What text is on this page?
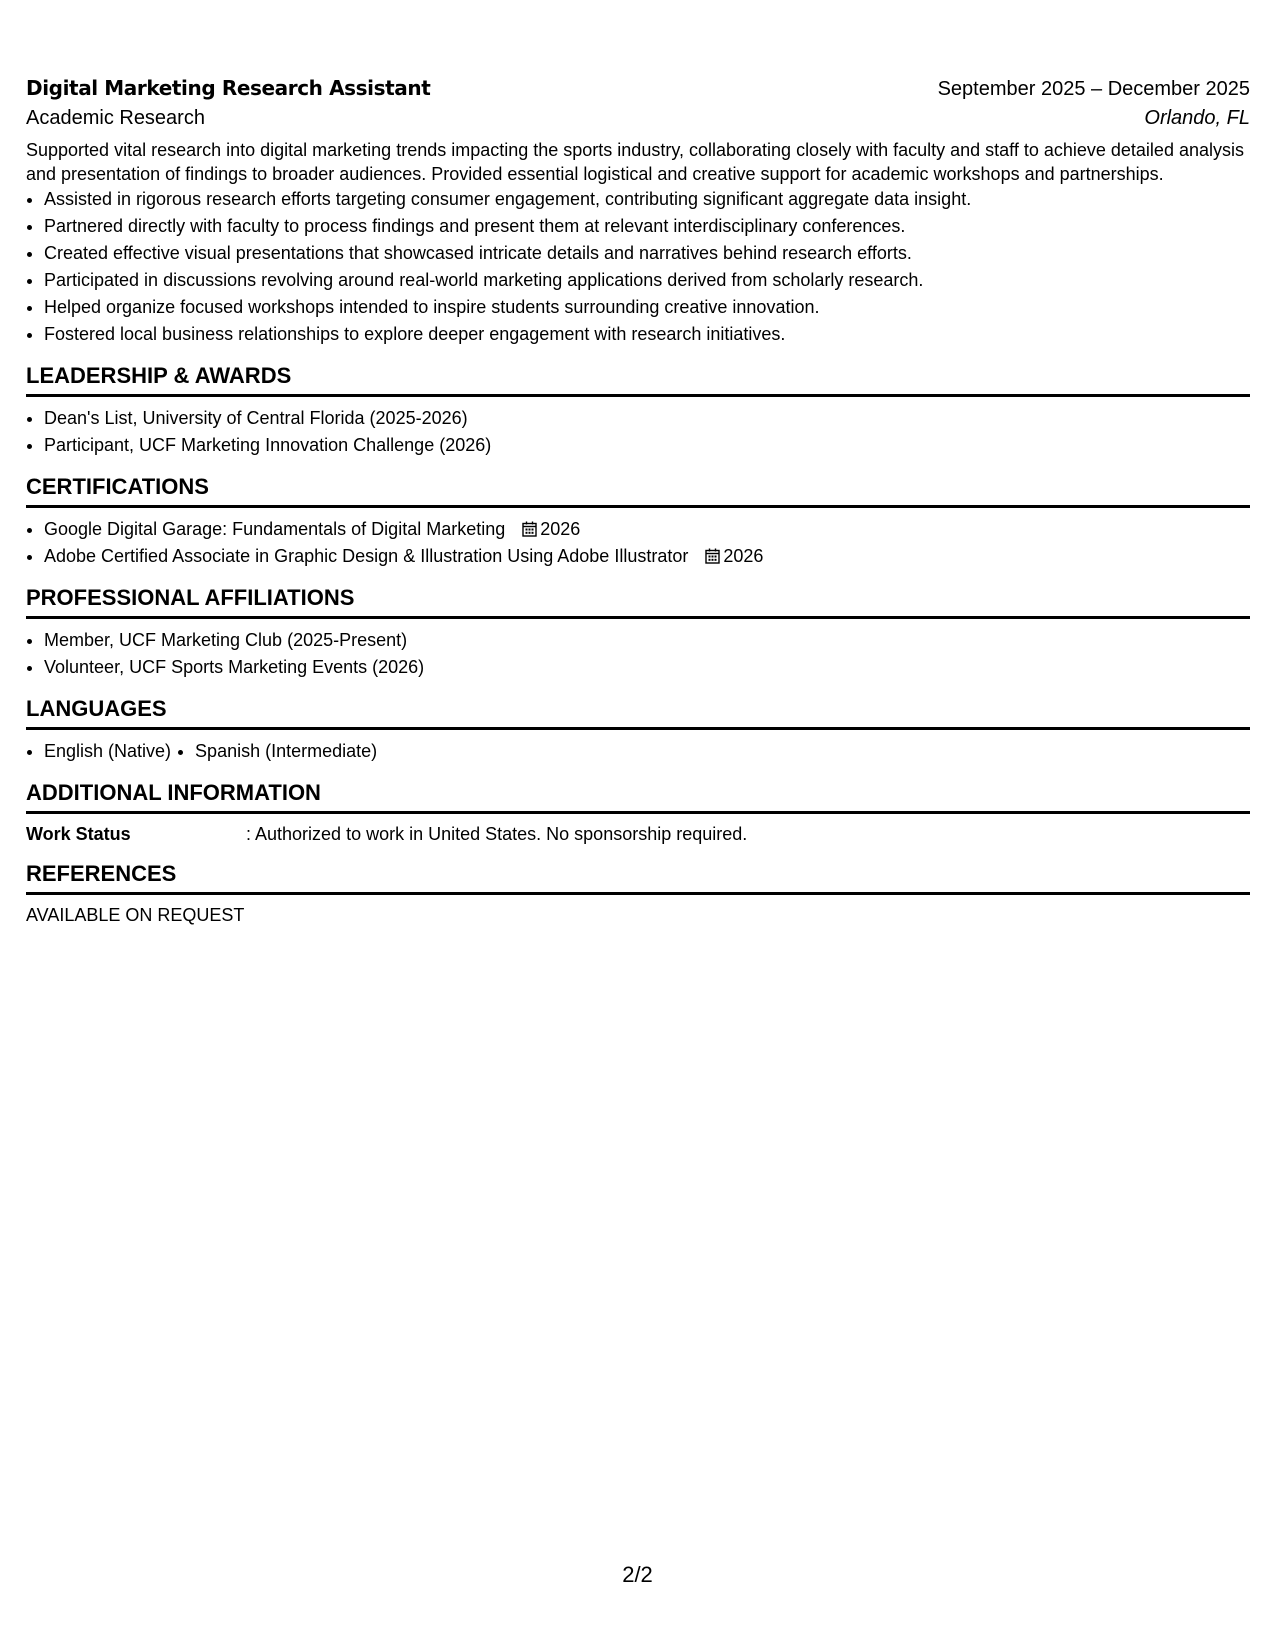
Digital Marketing Research Assistant	September 2025 – December 2025
Academic Research	Orlando, FL
Supported vital research into digital marketing trends impacting the sports industry, collaborating closely with faculty and staff to achieve detailed analysis and presentation of findings to broader audiences. Provided essential logistical and creative support for academic workshops and partnerships.
• Assisted in rigorous research efforts targeting consumer engagement, contributing significant aggregate data insight.
• Partnered directly with faculty to process findings and present them at relevant interdisciplinary conferences.
• Created effective visual presentations that showcased intricate details and narratives behind research efforts.
• Participated in discussions revolving around real-world marketing applications derived from scholarly research.
• Helped organize focused workshops intended to inspire students surrounding creative innovation.
• Fostered local business relationships to explore deeper engagement with research initiatives.
LEADERSHIP & AWARDS
• Dean's List, University of Central Florida (2025-2026)
• Participant, UCF Marketing Innovation Challenge (2026)
CERTIFICATIONS
• Google Digital Garage: Fundamentals of Digital Marketing 2026
• Adobe Certified Associate in Graphic Design & Illustration Using Adobe Illustrator 2026
PROFESSIONAL AFFILIATIONS
• Member, UCF Marketing Club (2025-Present)
• Volunteer, UCF Sports Marketing Events (2026)
LANGUAGES
• English (Native)
• Spanish (Intermediate)
ADDITIONAL INFORMATION
Work Status	: Authorized to work in United States. No sponsorship required.
REFERENCES
AVAILABLE ON REQUEST
2/2
